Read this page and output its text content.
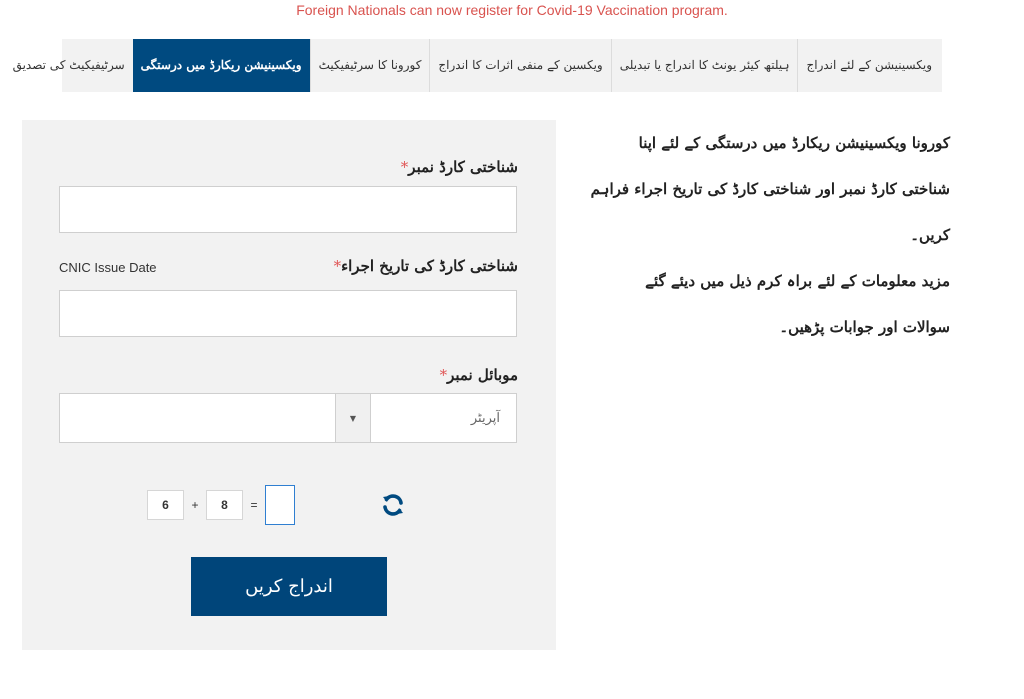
Foreign Nationals can now register for Covid-19 Vaccination program.
ویکسینیشن کے لئے اندراج
ہیلتھ کیئر یونٹ کا اندراج یا تبدیلی
ویکسین کے منفی اثرات کا اندراج
کورونا کا سرٹیفیکیٹ
ویکسینیشن ریکارڈ میں درستگی
سرٹیفیکیٹ کی تصدیق
شناختی کارڈ نمبر*
CNIC Issue Date	شناختی کارڈ کی تاریخ اجراء*
موبائل نمبر*
▼	آپریٹر
6	+	8	=
اندراج کریں
کورونا ویکسینیشن ریکارڈ میں درستگی کے لئے اپنا
شناختی کارڈ نمبر اور شناختی کارڈ کی تاریخ اجراء فراہم
کریں۔
مزید معلومات کے لئے براہ کرم ذیل میں دیئے گئے
سوالات اور جوابات پڑھیں۔
